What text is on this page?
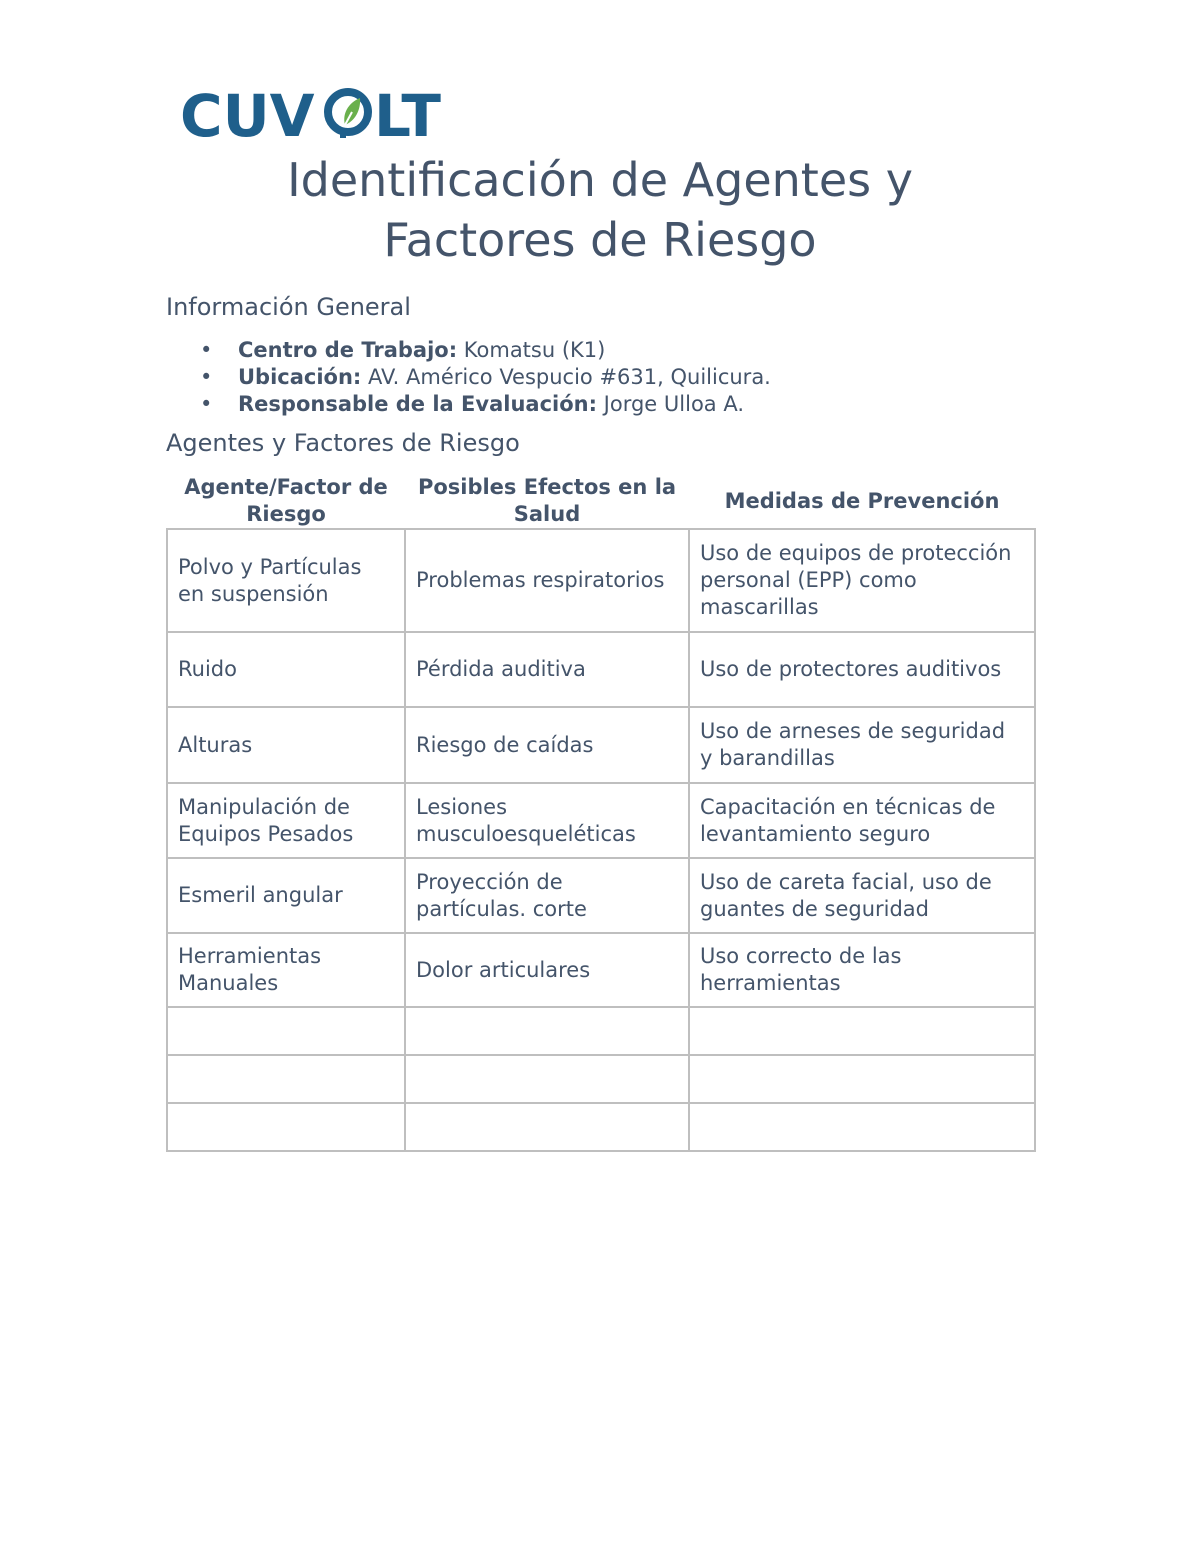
CUV LT
Identificación de Agentes y
Factores de Riesgo
Información General
• Centro de Trabajo: Komatsu (K1)
• Ubicación: AV. Américo Vespucio #631, Quilicura.
• Responsable de la Evaluación: Jorge Ulloa A.
Agentes y Factores de Riesgo
Agente/Factor de Riesgo	Posibles Efectos en la Salud	Medidas de Prevención
Polvo y Partículas en suspensión	Problemas respiratorios	Uso de equipos de protección personal (EPP) como mascarillas
Ruido	Pérdida auditiva	Uso de protectores auditivos
Alturas	Riesgo de caídas	Uso de arneses de seguridad y barandillas
Manipulación de Equipos Pesados	Lesiones musculoesqueléticas	Capacitación en técnicas de levantamiento seguro
Esmeril angular	Proyección de partículas. corte	Uso de careta facial, uso de guantes de seguridad
Herramientas Manuales	Dolor articulares	Uso correcto de las herramientas
